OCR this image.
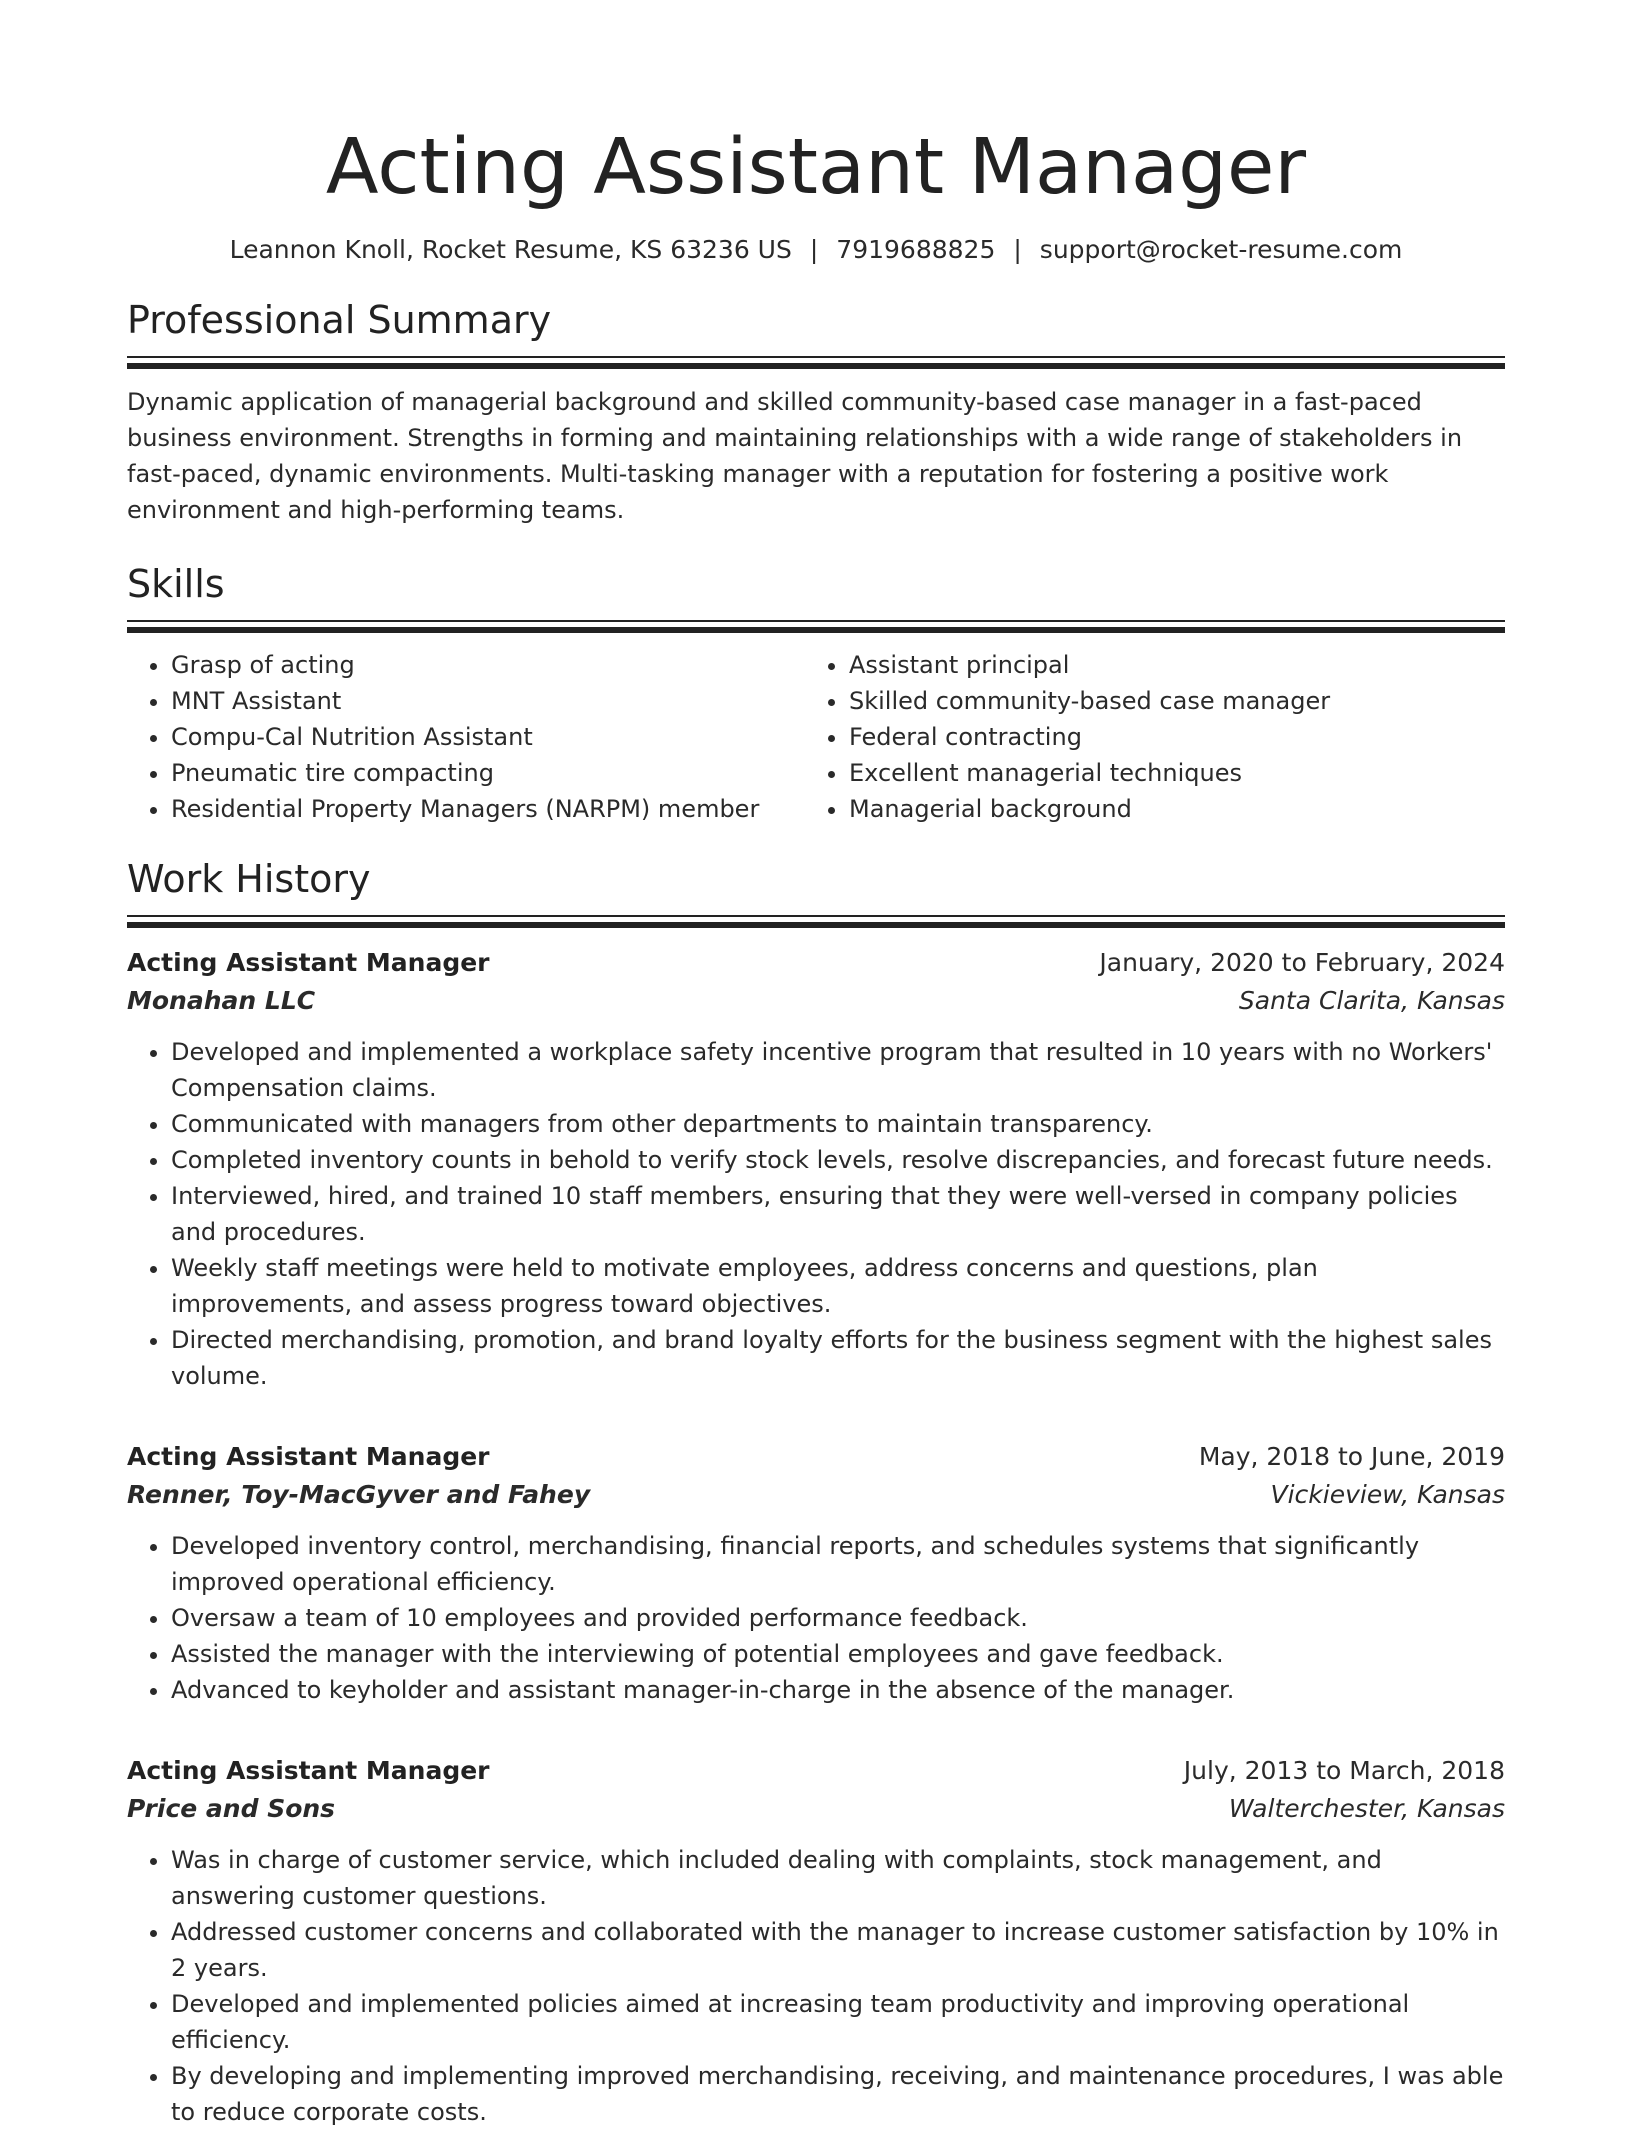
Acting Assistant Manager
Leannon Knoll, Rocket Resume, KS 63236 US | 7919688825 | support@rocket-resume.com
Professional Summary
Dynamic application of managerial background and skilled community-based case manager in a fast-paced business environment. Strengths in forming and maintaining relationships with a wide range of stakeholders in fast-paced, dynamic environments. Multi-tasking manager with a reputation for fostering a positive work environment and high-performing teams.
Skills
• Grasp of acting
• MNT Assistant
• Compu-Cal Nutrition Assistant
• Pneumatic tire compacting
• Residential Property Managers (NARPM) member
• Assistant principal
• Skilled community-based case manager
• Federal contracting
• Excellent managerial techniques
• Managerial background
Work History
Acting Assistant Manager	January, 2020 to February, 2024
Monahan LLC	Santa Clarita, Kansas
• Developed and implemented a workplace safety incentive program that resulted in 10 years with no Workers' Compensation claims.
• Communicated with managers from other departments to maintain transparency.
• Completed inventory counts in behold to verify stock levels, resolve discrepancies, and forecast future needs.
• Interviewed, hired, and trained 10 staff members, ensuring that they were well-versed in company policies and procedures.
• Weekly staff meetings were held to motivate employees, address concerns and questions, plan improvements, and assess progress toward objectives.
• Directed merchandising, promotion, and brand loyalty efforts for the business segment with the highest sales volume.
Acting Assistant Manager	May, 2018 to June, 2019
Renner, Toy-MacGyver and Fahey	Vickieview, Kansas
• Developed inventory control, merchandising, financial reports, and schedules systems that significantly improved operational efficiency.
• Oversaw a team of 10 employees and provided performance feedback.
• Assisted the manager with the interviewing of potential employees and gave feedback.
• Advanced to keyholder and assistant manager-in-charge in the absence of the manager.
Acting Assistant Manager	July, 2013 to March, 2018
Price and Sons	Walterchester, Kansas
• Was in charge of customer service, which included dealing with complaints, stock management, and answering customer questions.
• Addressed customer concerns and collaborated with the manager to increase customer satisfaction by 10% in 2 years.
• Developed and implemented policies aimed at increasing team productivity and improving operational efficiency.
• By developing and implementing improved merchandising, receiving, and maintenance procedures, I was able to reduce corporate costs.
